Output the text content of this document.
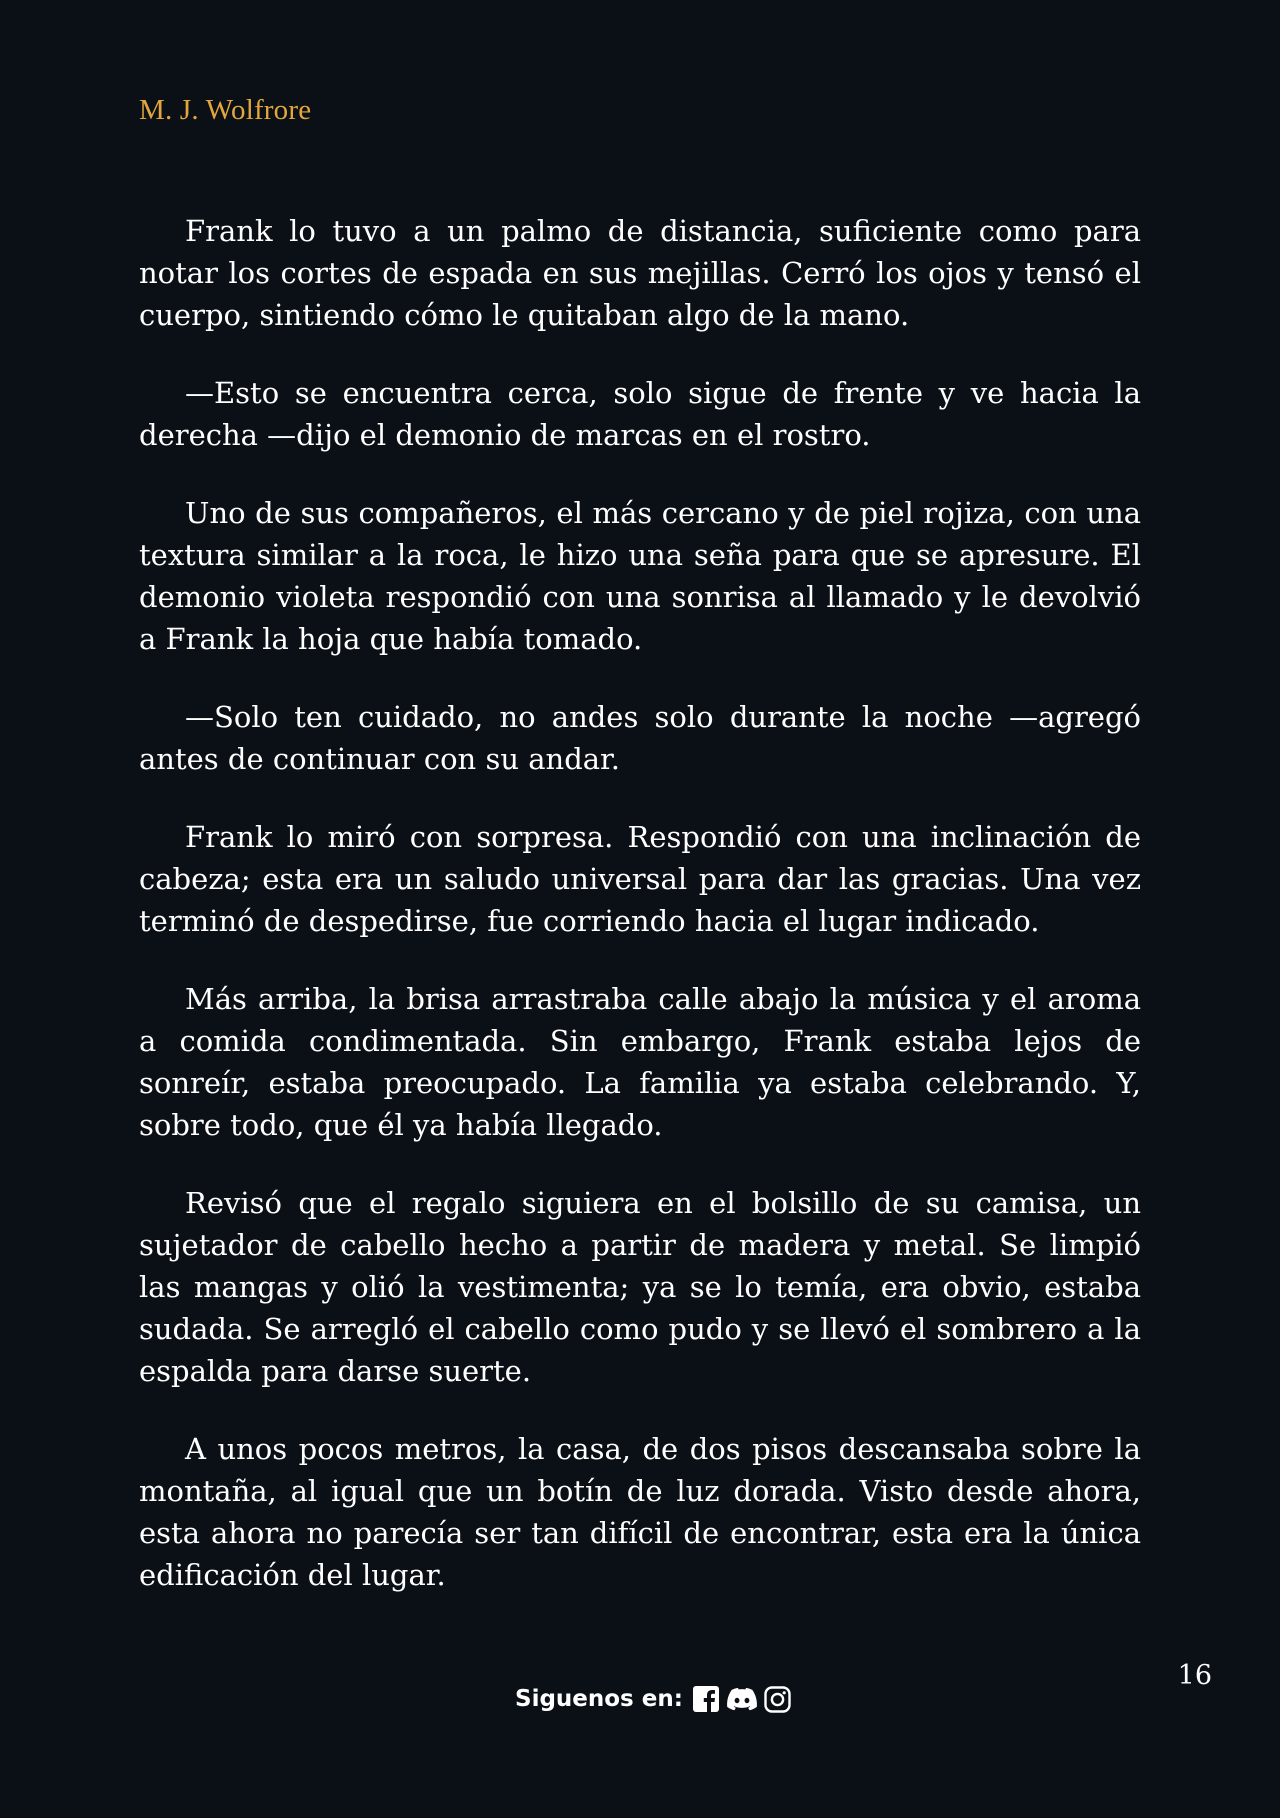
M. J. Wolfrore

Frank lo tuvo a un palmo de distancia, suficiente como para notar los cortes de espada en sus mejillas. Cerró los ojos y tensó el cuerpo, sintiendo cómo le quitaban algo de la mano.

—Esto se encuentra cerca, solo sigue de frente y ve hacia la derecha —dijo el demonio de marcas en el rostro.

Uno de sus compañeros, el más cercano y de piel rojiza, con una textura similar a la roca, le hizo una seña para que se apresure. El demonio violeta respondió con una sonrisa al llamado y le devolvió a Frank la hoja que había tomado.

—Solo ten cuidado, no andes solo durante la noche —agregó antes de continuar con su andar.

Frank lo miró con sorpresa. Respondió con una inclinación de cabeza; esta era un saludo universal para dar las gracias. Una vez terminó de despedirse, fue corriendo hacia el lugar indicado.

Más arriba, la brisa arrastraba calle abajo la música y el aroma a comida condimentada. Sin embargo, Frank estaba lejos de sonreír, estaba preocupado. La familia ya estaba celebrando. Y, sobre todo, que él ya había llegado.

Revisó que el regalo siguiera en el bolsillo de su camisa, un sujetador de cabello hecho a partir de madera y metal. Se limpió las mangas y olió la vestimenta; ya se lo temía, era obvio, estaba sudada. Se arregló el cabello como pudo y se llevó el sombrero a la espalda para darse suerte.

A unos pocos metros, la casa, de dos pisos descansaba sobre la montaña, al igual que un botín de luz dorada. Visto desde ahora, esta ahora no parecía ser tan difícil de encontrar, esta era la única edificación del lugar.

16
Siguenos en:
